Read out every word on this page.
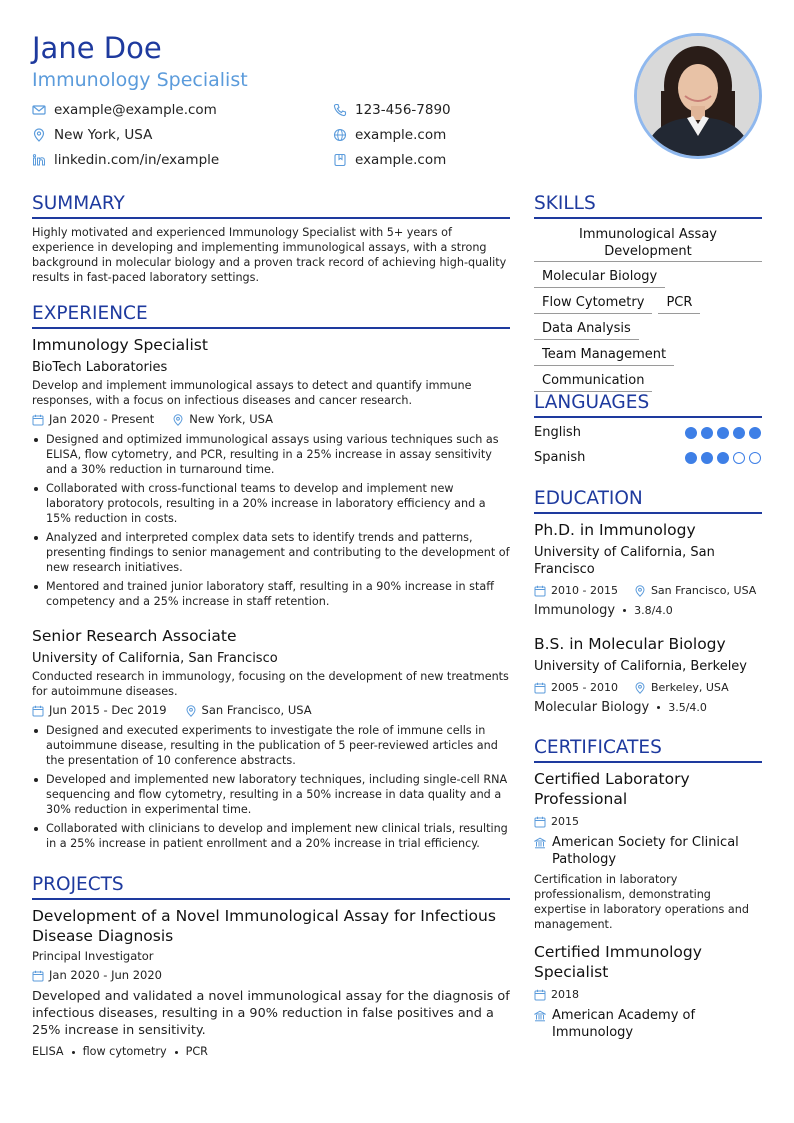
Jane Doe
Immunology Specialist
example@example.com	123-456-7890
New York, USA	example.com
linkedin.com/in/example	example.com
SUMMARY
Highly motivated and experienced Immunology Specialist with 5+ years of experience in developing and implementing immunological assays, with a strong background in molecular biology and a proven track record of achieving high-quality results in fast-paced laboratory settings.
EXPERIENCE
Immunology Specialist
BioTech Laboratories
Develop and implement immunological assays to detect and quantify immune responses, with a focus on infectious diseases and cancer research.
Jan 2020 - Present	New York, USA
Designed and optimized immunological assays using various techniques such as ELISA, flow cytometry, and PCR, resulting in a 25% increase in assay sensitivity and a 30% reduction in turnaround time.
Collaborated with cross-functional teams to develop and implement new laboratory protocols, resulting in a 20% increase in laboratory efficiency and a 15% reduction in costs.
Analyzed and interpreted complex data sets to identify trends and patterns, presenting findings to senior management and contributing to the development of new research initiatives.
Mentored and trained junior laboratory staff, resulting in a 90% increase in staff competency and a 25% increase in staff retention.
Senior Research Associate
University of California, San Francisco
Conducted research in immunology, focusing on the development of new treatments for autoimmune diseases.
Jun 2015 - Dec 2019	San Francisco, USA
Designed and executed experiments to investigate the role of immune cells in autoimmune disease, resulting in the publication of 5 peer-reviewed articles and the presentation of 10 conference abstracts.
Developed and implemented new laboratory techniques, including single-cell RNA sequencing and flow cytometry, resulting in a 50% increase in data quality and a 30% reduction in experimental time.
Collaborated with clinicians to develop and implement new clinical trials, resulting in a 25% increase in patient enrollment and a 20% increase in trial efficiency.
PROJECTS
Development of a Novel Immunological Assay for Infectious Disease Diagnosis
Principal Investigator
Jan 2020 - Jun 2020
Developed and validated a novel immunological assay for the diagnosis of infectious diseases, resulting in a 90% reduction in false positives and a 25% increase in sensitivity.
ELISA flow cytometry PCR
SKILLS
Immunological Assay Development
Molecular Biology
Flow Cytometry PCR
Data Analysis
Team Management
Communication
LANGUAGES
English
Spanish
EDUCATION
Ph.D. in Immunology
University of California, San Francisco
2010 - 2015	San Francisco, USA
Immunology 3.8/4.0
B.S. in Molecular Biology
University of California, Berkeley
2005 - 2010	Berkeley, USA
Molecular Biology 3.5/4.0
CERTIFICATES
Certified Laboratory Professional
2015
American Society for Clinical Pathology
Certification in laboratory professionalism, demonstrating expertise in laboratory operations and management.
Certified Immunology Specialist
2018
American Academy of Immunology
